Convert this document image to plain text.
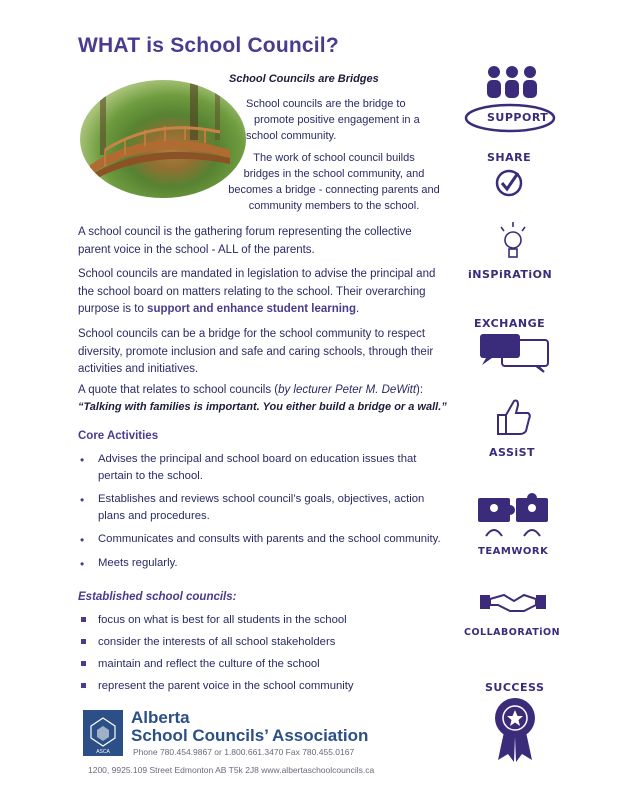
WHAT is School Council?
School Councils are Bridges
School councils are the bridge to

promote positive engagement in a
school community.
The work of school council builds
bridges in the school community, and
becomes a bridge - connecting parents and
community members to the school.
A school council is the gathering forum representing the collective parent voice in the school - ALL of the parents.
School councils are mandated in legislation to advise the principal and the school board on matters relating to the school. Their overarching purpose is to support and enhance student learning.
School councils can be a bridge for the school community to respect diversity, promote inclusion and safe and caring schools, through their activities and initiatives.
A quote that relates to school councils (by lecturer Peter M. DeWitt):
“Talking with families is important. You either build a bridge or a wall.”
Core Activities
• Advises the principal and school board on education issues that pertain to the school.
• Establishes and reviews school council’s goals, objectives, action plans and procedures.
• Communicates and consults with parents and the school community.
• Meets regularly.
Established school councils:
focus on what is best for all students in the school
consider the interests of all school stakeholders
maintain and reflect the culture of the school
represent the parent voice in the school community
ASCA
Alberta
School Councils’ Association
Phone 780.454.9867 or 1.800.661.3470 Fax 780.455.0167
1200, 9925.109 Street Edmonton AB T5k 2J8 www.albertaschoolcouncils.ca
SUPPORT
SHARE
iNSPiRATiON
EXCHANGE
ASSiST
TEAMWORK
COLLABORATiON
SUCCESS
